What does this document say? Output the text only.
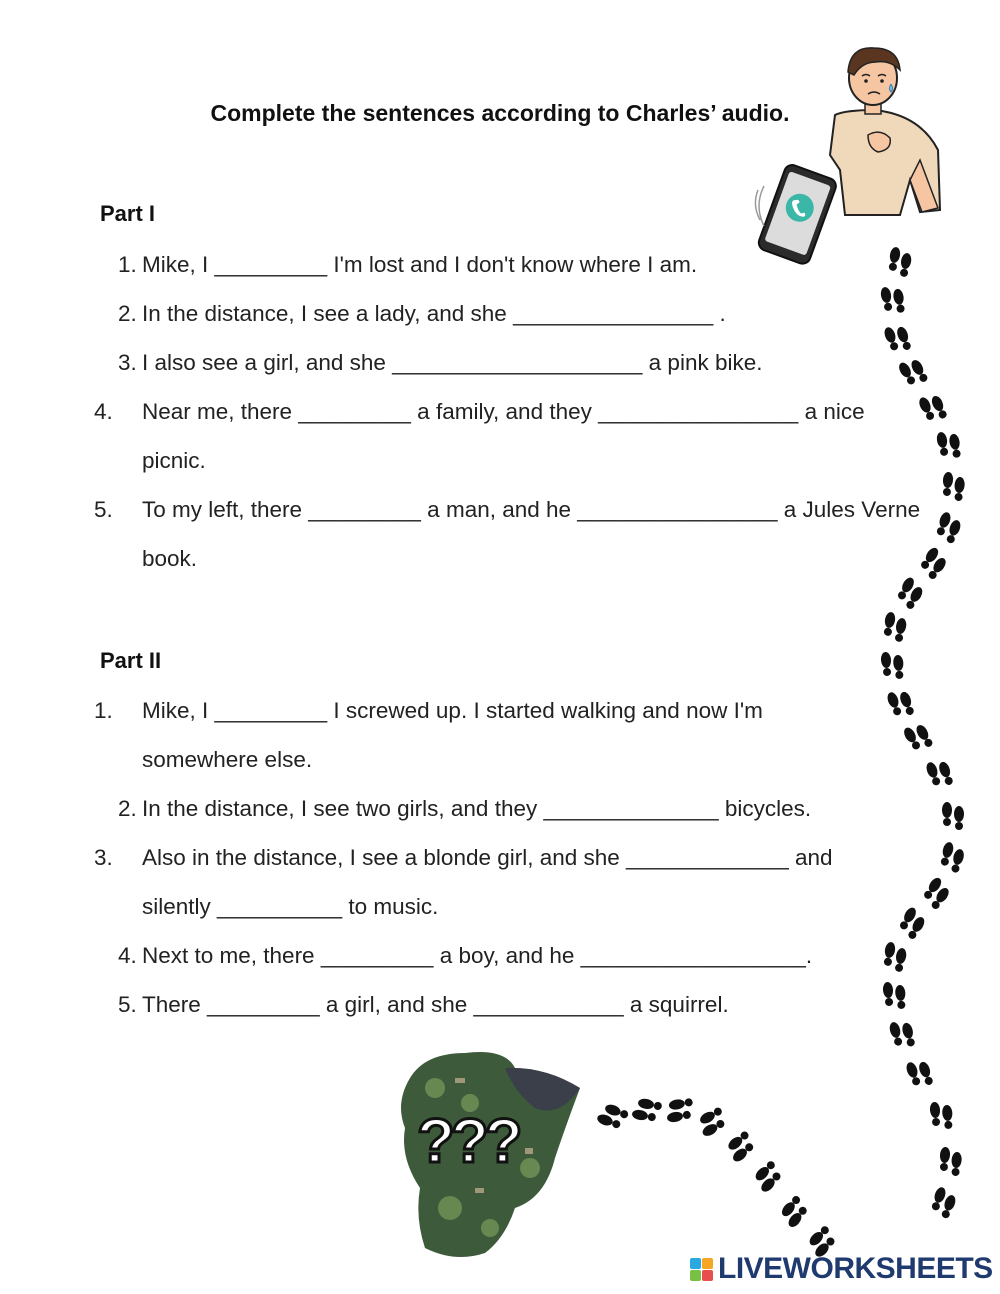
Complete the sentences according to Charles’ audio.
Part I
1. Mike, I _________ I'm lost and I don't know where I am.
2. In the distance, I see a lady, and she ________________ .
3. I also see a girl, and she ____________________ a pink bike.
4. Near me, there _________ a family, and they ________________ a nice picnic.
5. To my left, there _________ a man, and he ________________ a Jules Verne book.
Part II
1. Mike, I _________ I screwed up. I started walking and now I'm somewhere else.
2. In the distance, I see two girls, and they ______________ bicycles.
3. Also in the distance, I see a blonde girl, and she _____________ and silently __________ to music.
4. Next to me, there _________ a boy, and he __________________.
5. There _________ a girl, and she ____________ a squirrel.
???
LIVEWORKSHEETS
